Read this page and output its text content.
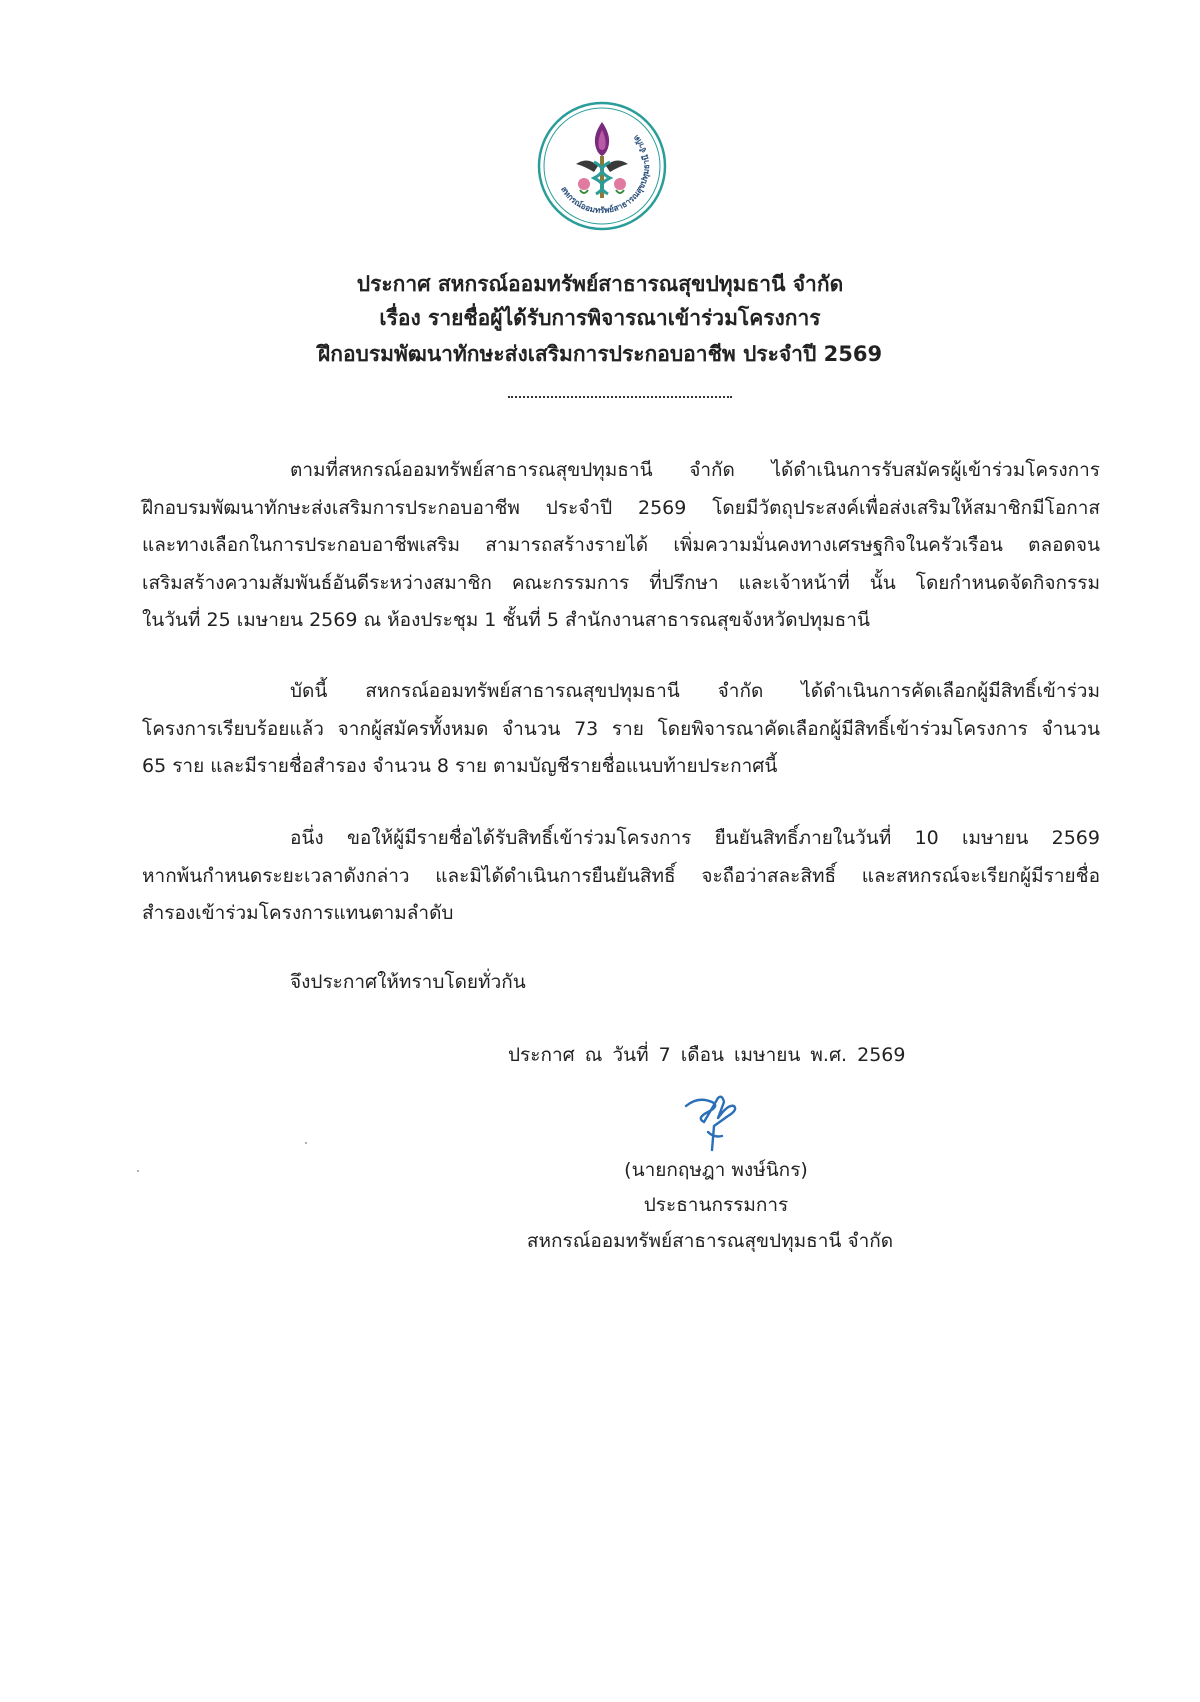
สหกรณ์ออมทรัพย์สาธารณสุขปทุมธานี จำกัด
ประกาศ สหกรณ์ออมทรัพย์สาธารณสุขปทุมธานี จำกัด
เรื่อง รายชื่อผู้ได้รับการพิจารณาเข้าร่วมโครงการ
ฝึกอบรมพัฒนาทักษะส่งเสริมการประกอบอาชีพ ประจำปี 2569
ตามที่สหกรณ์ออมทรัพย์สาธารณสุขปทุมธานี จำกัด ได้ดำเนินการรับสมัครผู้เข้าร่วมโครงการ
ฝึกอบรมพัฒนาทักษะส่งเสริมการประกอบอาชีพ ประจำปี 2569 โดยมีวัตถุประสงค์เพื่อส่งเสริมให้สมาชิกมีโอกาส
และทางเลือกในการประกอบอาชีพเสริม สามารถสร้างรายได้ เพิ่มความมั่นคงทางเศรษฐกิจในครัวเรือน ตลอดจน
เสริมสร้างความสัมพันธ์อันดีระหว่างสมาชิก คณะกรรมการ ที่ปรึกษา และเจ้าหน้าที่ นั้น โดยกำหนดจัดกิจกรรม
ในวันที่ 25 เมษายน 2569 ณ ห้องประชุม 1 ชั้นที่ 5 สำนักงานสาธารณสุขจังหวัดปทุมธานี
บัดนี้ สหกรณ์ออมทรัพย์สาธารณสุขปทุมธานี จำกัด ได้ดำเนินการคัดเลือกผู้มีสิทธิ์เข้าร่วม
โครงการเรียบร้อยแล้ว จากผู้สมัครทั้งหมด จำนวน 73 ราย โดยพิจารณาคัดเลือกผู้มีสิทธิ์เข้าร่วมโครงการ จำนวน
65 ราย และมีรายชื่อสำรอง จำนวน 8 ราย ตามบัญชีรายชื่อแนบท้ายประกาศนี้
อนึ่ง ขอให้ผู้มีรายชื่อได้รับสิทธิ์เข้าร่วมโครงการ ยืนยันสิทธิ์ภายในวันที่ 10 เมษายน 2569
หากพ้นกำหนดระยะเวลาดังกล่าว และมิได้ดำเนินการยืนยันสิทธิ์ จะถือว่าสละสิทธิ์ และสหกรณ์จะเรียกผู้มีรายชื่อ
สำรองเข้าร่วมโครงการแทนตามลำดับ
จึงประกาศให้ทราบโดยทั่วกัน
ประกาศ ณ วันที่ 7 เดือน เมษายน พ.ศ. 2569
(นายกฤษฎา พงษ์นิกร)
ประธานกรรมการ
สหกรณ์ออมทรัพย์สาธารณสุขปทุมธานี จำกัด
